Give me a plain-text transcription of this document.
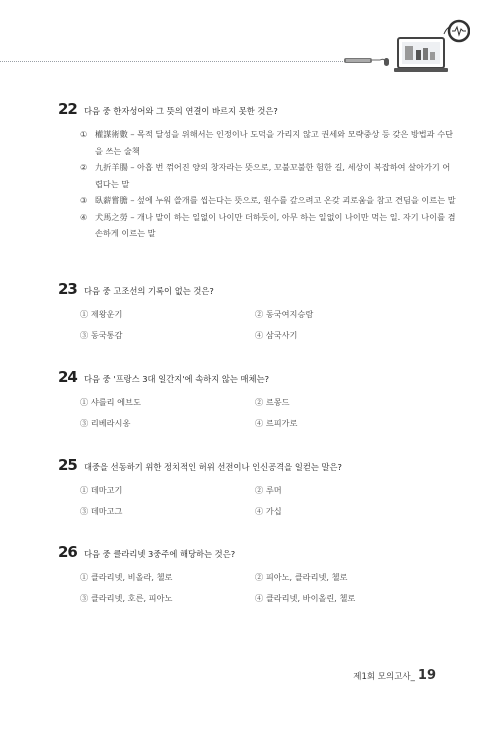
22 다음 중 한자성어와 그 뜻의 연결이 바르지 못한 것은?
① 權謀術數 – 목적 달성을 위해서는 인정이나 도덕을 가리지 않고 권세와 모략중상 등 갖은 방법과 수단을 쓰는 술책
② 九折羊腸 – 아홉 번 꺾어진 양의 창자라는 뜻으로, 꼬불꼬불한 험한 길, 세상이 복잡하여 살아가기 어렵다는 말
③ 臥薪嘗膽 – 섶에 누워 쓸개를 씹는다는 뜻으로, 원수를 갚으려고 온갖 괴로움을 참고 견딤을 이르는 말
④ 犬馬之勞 – 개나 말이 하는 일없이 나이만 더하듯이, 아무 하는 일없이 나이만 먹는 일. 자기 나이를 겸손하게 이르는 말
23 다음 중 고조선의 기록이 없는 것은?
① 제왕운기	② 동국여지승람
③ 동국통감	④ 삼국사기
24 다음 중 '프랑스 3대 일간지'에 속하지 않는 매체는?
① 샤를리 에브도	② 르몽드
③ 리베라시옹	④ 르피가로
25 대중을 선동하기 위한 정치적인 허위 선전이나 인신공격을 일컫는 말은?
① 데마고기	② 루머
③ 데마고그	④ 가십
26 다음 중 클라리넷 3중주에 해당하는 것은?
① 클라리넷, 비올라, 첼로	② 피아노, 클라리넷, 첼로
③ 클라리넷, 호른, 피아노	④ 클라리넷, 바이올린, 첼로
제1회 모의고사_ 19
